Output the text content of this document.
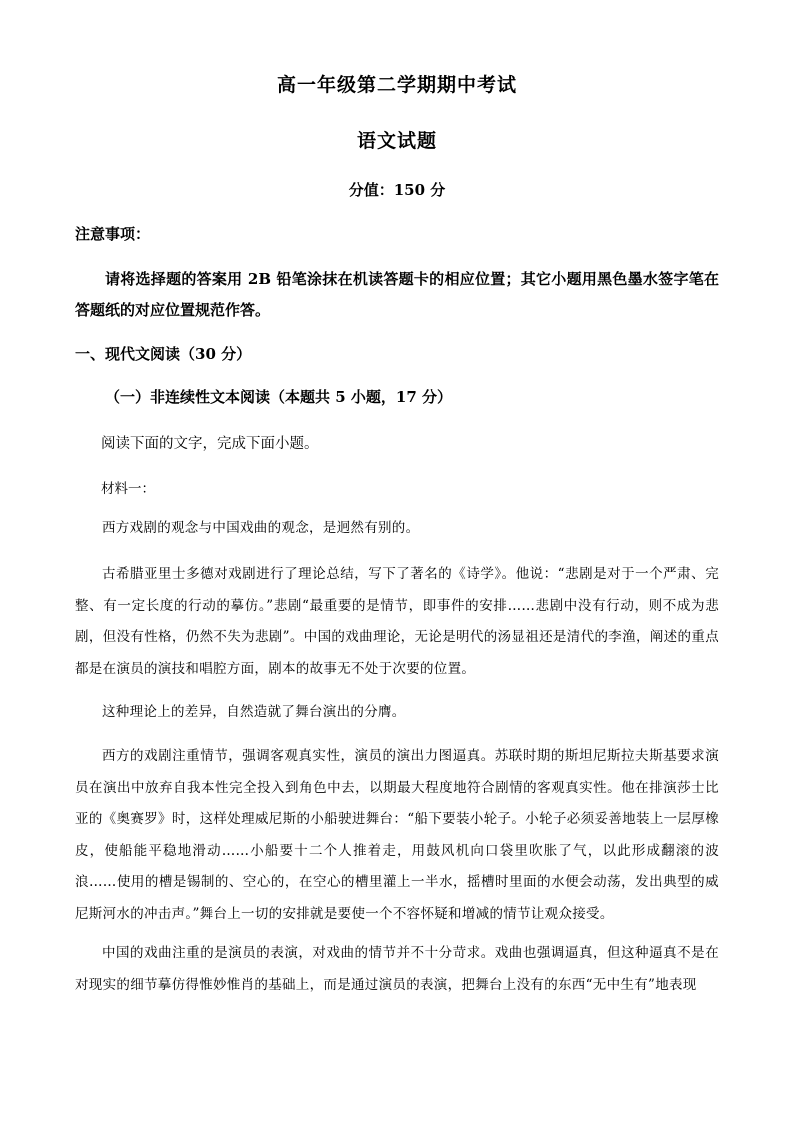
高一年级第二学期期中考试
语文试题
分值：150 分
注意事项：
请将选择题的答案用 2B 铅笔涂抹在机读答题卡的相应位置；其它小题用黑色墨水签字笔在答题纸的对应位置规范作答。
一、现代文阅读（30 分）
（一）非连续性文本阅读（本题共 5 小题，17 分）
阅读下面的文字，完成下面小题。
材料一：
西方戏剧的观念与中国戏曲的观念，是迥然有别的。
古希腊亚里士多德对戏剧进行了理论总结，写下了著名的《诗学》。他说：“悲剧是对于一个严肃、完整、有一定长度的行动的摹仿。”悲剧“最重要的是情节，即事件的安排……悲剧中没有行动，则不成为悲剧，但没有性格，仍然不失为悲剧”。中国的戏曲理论，无论是明代的汤显祖还是清代的李渔，阐述的重点都是在演员的演技和唱腔方面，剧本的故事无不处于次要的位置。
这种理论上的差异，自然造就了舞台演出的分膺。
西方的戏剧注重情节，强调客观真实性，演员的演出力图逼真。苏联时期的斯坦尼斯拉夫斯基要求演员在演出中放弃自我本性完全投入到角色中去，以期最大程度地符合剧情的客观真实性。他在排演莎士比亚的《奥赛罗》时，这样处理威尼斯的小船驶进舞台：“船下要装小轮子。小轮子必须妥善地装上一层厚橡皮，使船能平稳地滑动……小船要十二个人推着走，用鼓风机向口袋里吹胀了气，以此形成翻滚的波浪……使用的槽是锡制的、空心的，在空心的槽里灌上一半水，摇槽时里面的水便会动荡，发出典型的威尼斯河水的冲击声。”舞台上一切的安排就是要使一个不容怀疑和增减的情节让观众接受。
中国的戏曲注重的是演员的表演，对戏曲的情节并不十分苛求。戏曲也强调逼真，但这种逼真不是在对现实的细节摹仿得惟妙惟肖的基础上，而是通过演员的表演，把舞台上没有的东西“无中生有”地表现
